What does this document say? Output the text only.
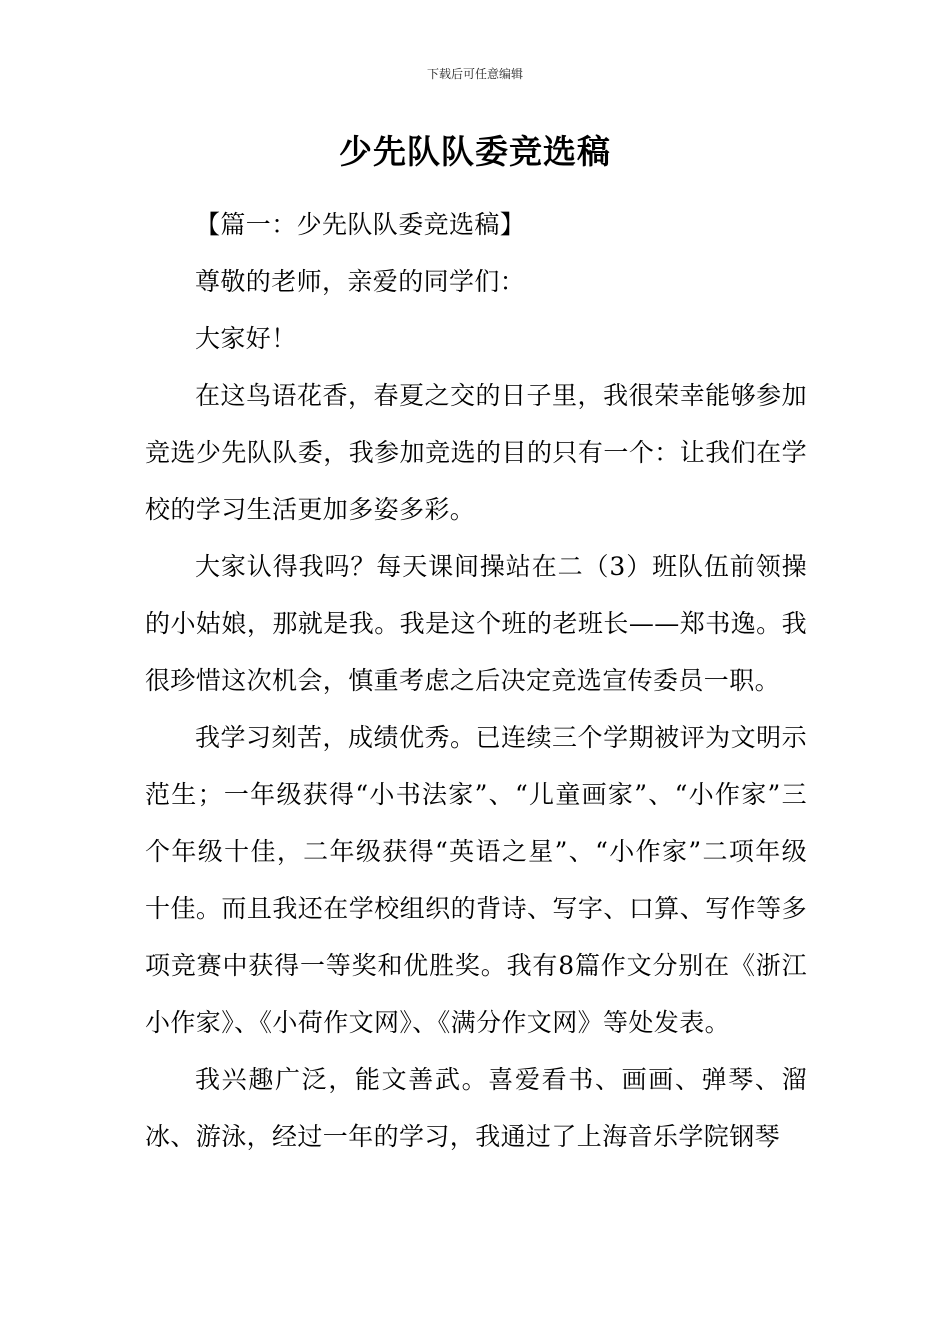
下载后可任意编辑
少先队队委竞选稿

【篇一：少先队队委竞选稿】

尊敬的老师，亲爱的同学们：

大家好！

在这鸟语花香，春夏之交的日子里，我很荣幸能够参加竞选少先队队委，我参加竞选的目的只有一个：让我们在学校的学习生活更加多姿多彩。

大家认得我吗？每天课间操站在二（3）班队伍前领操的小姑娘，那就是我。我是这个班的老班长——郑书逸。我很珍惜这次机会，慎重考虑之后决定竞选宣传委员一职。

我学习刻苦，成绩优秀。已连续三个学期被评为文明示范生；一年级获得“小书法家”、“儿童画家”、“小作家”三个年级十佳，二年级获得“英语之星”、“小作家”二项年级十佳。而且我还在学校组织的背诗、写字、口算、写作等多项竞赛中获得一等奖和优胜奖。我有8篇作文分别在《浙江小作家》、《小荷作文网》、《满分作文网》等处发表。

我兴趣广泛，能文善武。喜爱看书、画画、弹琴、溜冰、游泳，经过一年的学习，我通过了上海音乐学院钢琴
